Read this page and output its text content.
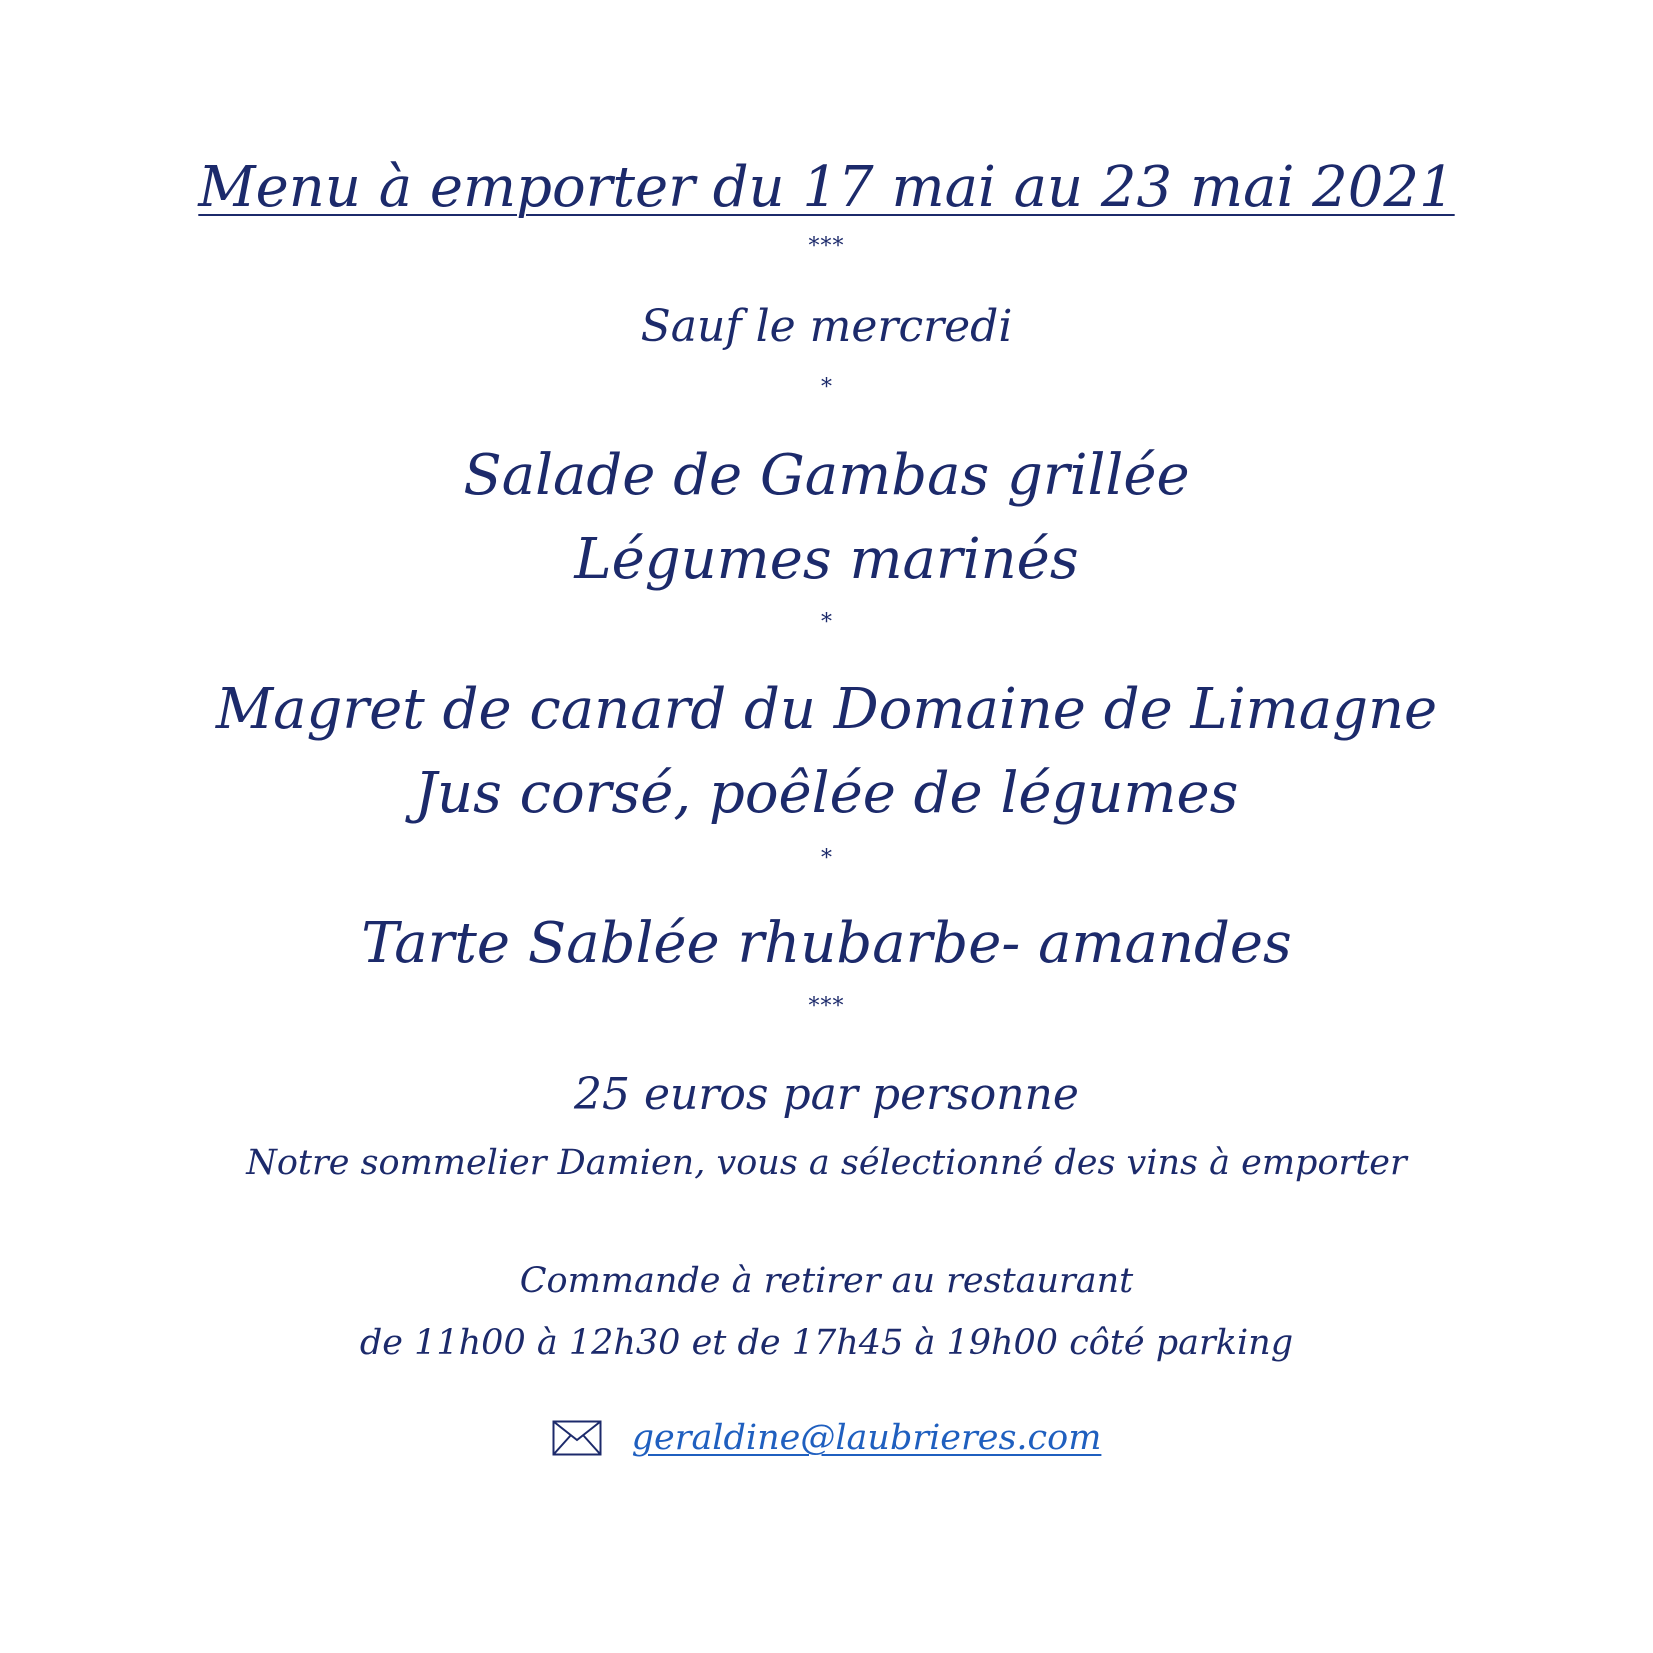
Menu à emporter du 17 mai au 23 mai 2021
***
Sauf le mercredi
*
Salade de Gambas grillée
Légumes marinés
*
Magret de canard du Domaine de Limagne
Jus corsé, poêlée de légumes
*
Tarte Sablée rhubarbe- amandes
***
25 euros par personne
Notre sommelier Damien, vous a sélectionné des vins à emporter
Commande à retirer au restaurant
de 11h00 à 12h30 et de 17h45 à 19h00 côté parking
geraldine@laubrieres.com
